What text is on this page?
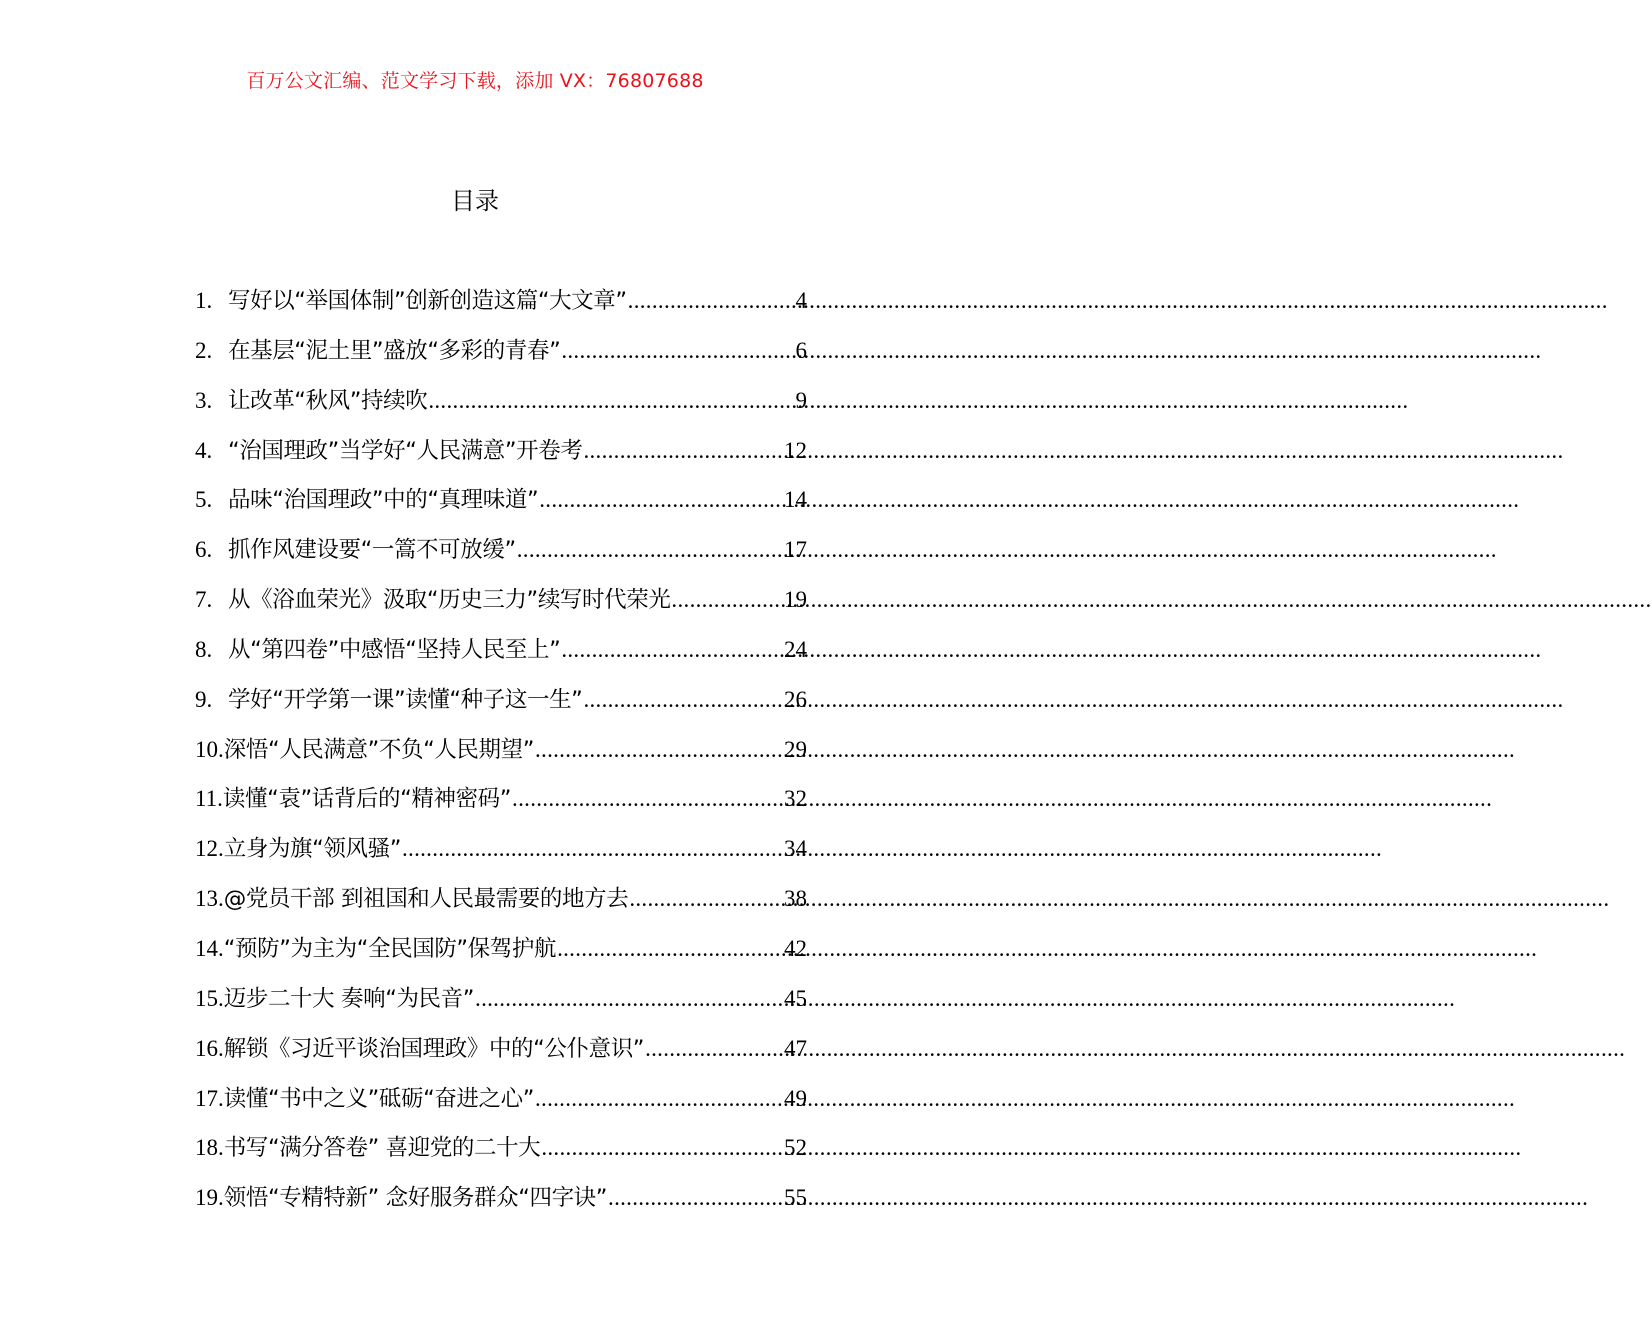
百万公文汇编、范文学习下载，添加 VX：76807688
目录
1. 写好以“举国体制”创新创造这篇“大文章” .....	4
2. 在基层“泥土里”盛放“多彩的青春” .....	6
3. 让改革“秋风”持续吹 .....	9
4. “治国理政”当学好“人民满意”开卷考 .....	12
5. 品味“治国理政”中的“真理味道” .....	14
6. 抓作风建设要“一篙不可放缓” .....	17
7. 从《浴血荣光》汲取“历史三力”续写时代荣光 .....	19
8. 从“第四卷”中感悟“坚持人民至上” .....	24
9. 学好“开学第一课”读懂“种子这一生” .....	26
10. 深悟“人民满意”不负“人民期望” .....	29
11. 读懂“袁”话背后的“精神密码” .....	32
12. 立身为旗“领风骚” .....	34
13. @党员干部 到祖国和人民最需要的地方去 .....	38
14. “预防”为主为“全民国防”保驾护航 .....	42
15. 迈步二十大 奏响“为民音” .....	45
16. 解锁《习近平谈治国理政》中的“公仆意识” .....	47
17. 读懂“书中之义”砥砺“奋进之心” .....	49
18. 书写“满分答卷” 喜迎党的二十大 .....	52
19. 领悟“专精特新” 念好服务群众“四字诀” .....	55
